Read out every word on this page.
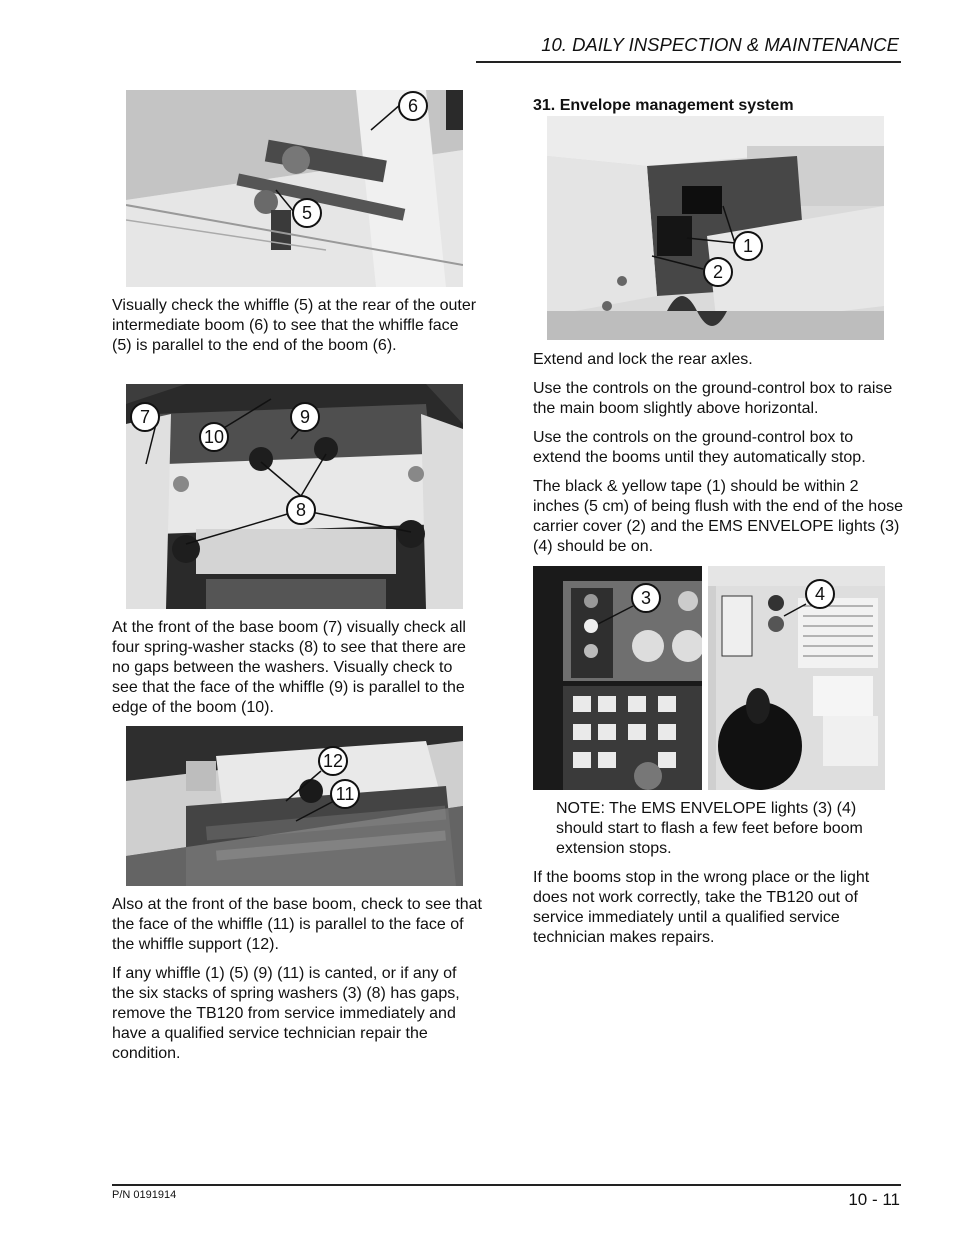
10. DAILY INSPECTION & MAINTENANCE
6
5

Visually check the whiffle (5) at the rear of the outer intermediate boom (6) to see that the whiffle face (5) is parallel to the end of the boom (6).

7	9
10
8

At the front of the base boom (7) visually check all four spring-washer stacks (8) to see that there are no gaps between the washers. Visually check to see that the face of the whiffle (9) is parallel to the edge of the boom (10).

12
11

Also at the front of the base boom, check to see that the face of the whiffle (11) is parallel to the face of the whiffle support (12).

If any whiffle (1) (5) (9) (11) is canted, or if any of the six stacks of spring washers (3) (8) has gaps, remove the TB120 from service immediately and have a qualified service technician repair the condition.

31. Envelope management system

1
2

Extend and lock the rear axles.

Use the controls on the ground-control box to raise the main boom slightly above horizontal.

Use the controls on the ground-control box to extend the booms until they automatically stop.

The black & yellow tape (1) should be within 2 inches (5 cm) of being flush with the end of the hose carrier cover (2) and the EMS ENVELOPE lights (3) (4) should be on.

3	4

NOTE: The EMS ENVELOPE lights (3) (4) should start to flash a few feet before boom extension stops.

If the booms stop in the wrong place or the light does not work correctly, take the TB120 out of service immediately until a qualified service technician makes repairs.

P/N 0191914	10 - 11
